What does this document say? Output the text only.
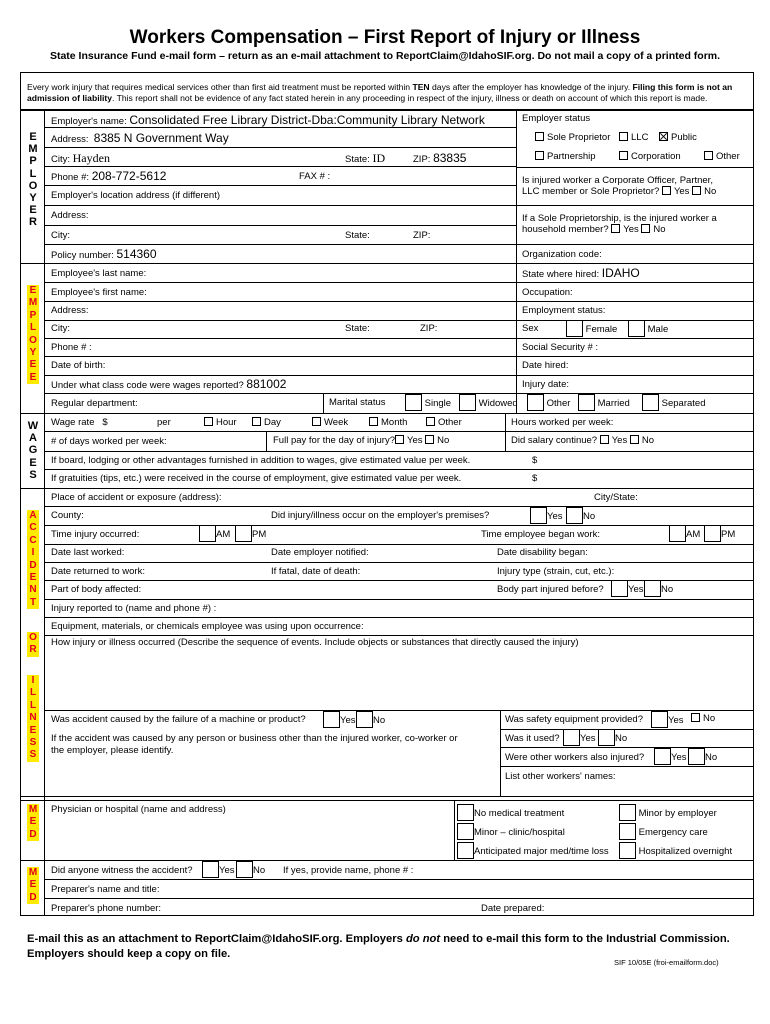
Workers Compensation – First Report of Injury or Illness
State Insurance Fund e-mail form – return as an e-mail attachment to ReportClaim@IdahoSIF.org. Do not mail a copy of a printed form.
Every work injury that requires medical services other than first aid treatment must be reported within TEN days after the employer has knowledge of the injury. Filing this form is not an admission of liability. This report shall not be evidence of any fact stated herein in any proceeding in respect of the injury, illness or death on account of which this report is made.
E
M
P
L
O
Y
E
R
E
M
P
L
O
Y
E
E
W
A
G
E
S
A
C
C
I
D
E
N
T
O
R
I
L
L
N
E
S
S
M
E
D
M
E
D
Employer's name: Consolidated Free Library District-Dba:Community Library Network
Address: 8385 N Government Way
City: Hayden	State: ID	ZIP: 83835
Phone #: 208-772-5612	FAX # :
Employer's location address (if different)
Address:
City:	State:	ZIP:
Policy number: 514360
Employer status
Sole Proprietor	LLC	Public
Partnership	Corporation	Other
Is injured worker a Corporate Officer, Partner,
LLC member or Sole Proprietor? Yes No
If a Sole Proprietorship, is the injured worker a
household member? Yes No
Organization code:
Employee's last name:
Employee's first name:
Address:
City:	State:	ZIP:
Phone # :
Date of birth:
Under what class code were wages reported? 881002
Regular department:
State where hired: IDAHO
Occupation:
Employment status:
Sex	Female	Male
Social Security # :
Date hired:
Injury date:
Marital status	Single	Widowed	Other	Married	Separated
Wage rate $	per	Hour	Day	Week	Month	Other	Hours worked per week:
# of days worked per week:	Full pay for the day of injury? Yes No	Did salary continue? Yes No
If board, lodging or other advantages furnished in addition to wages, give estimated value per week.	$
If gratuities (tips, etc.) were received in the course of employment, give estimated value per week.	$
Place of accident or exposure (address):	City/State:
County:	Did injury/illness occur on the employer's premises?	Yes	No
Time injury occurred:	AM	PM	Time employee began work:	AM	PM
Date last worked:	Date employer notified:	Date disability began:
Date returned to work:	If fatal, date of death:	Injury type (strain, cut, etc.):
Part of body affected:	Body part injured before?	Yes	No
Injury reported to (name and phone #) :
Equipment, materials, or chemicals employee was using upon occurrence:
How injury or illness occurred (Describe the sequence of events. Include objects or substances that directly caused the injury)
Was accident caused by the failure of a machine or product?	Yes	No
If the accident was caused by any person or business other than the injured worker, co-worker or
the employer, please identify.
Was safety equipment provided?	Yes	No
Was it used?	Yes	No
Were other workers also injured?	Yes	No
List other workers' names:
Physician or hospital (name and address)	No medical treatment	Minor by employer
Minor – clinic/hospital	Emergency care
Anticipated major med/time loss	Hospitalized overnight
Did anyone witness the accident?	Yes	No If yes, provide name, phone # :
Preparer's name and title:
Preparer's phone number:	Date prepared:
E-mail this as an attachment to ReportClaim@IdahoSIF.org. Employers do not need to e-mail this form to the Industrial Commission.
Employers should keep a copy on file.
SIF 10/05E (froi-emailform.doc)
